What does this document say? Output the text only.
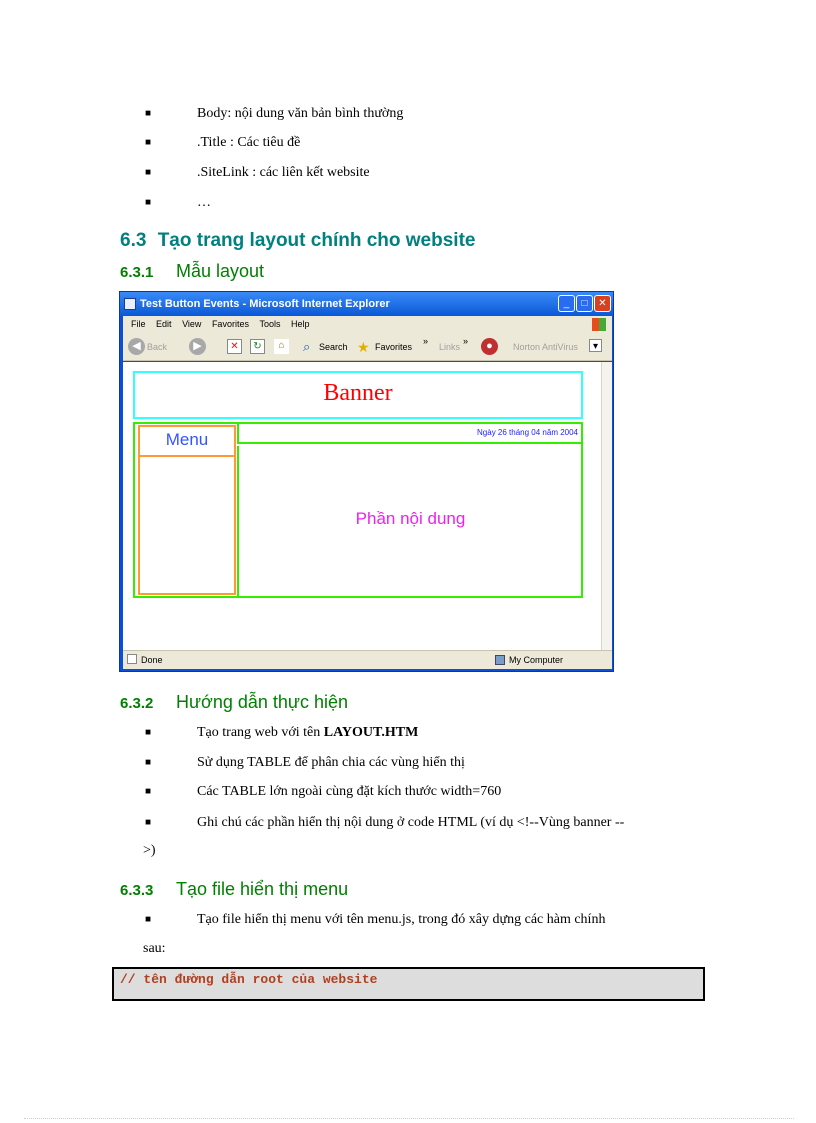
■	Body: nội dung văn bản bình thường
■	.Title : Các tiêu đề
■	.SiteLink : các liên kết website
■	…
6.3 Tạo trang layout chính cho website
6.3.1 Mẫu layout
Test Button Events - Microsoft Internet Explorer	_	□	✕
File Edit View Favorites Tools Help
◀ Back	▶	✕	↻	⌂	⌕ Search ★ Favorites
»
Links
»	●	Norton AntiVirus	▾
Banner
Menu	Ngày 26 tháng 04 năm 2004
Phần nội dung
Done	My Computer
6.3.2 Hướng dẫn thực hiện
■	Tạo trang web với tên LAYOUT.HTM
■	Sử dụng TABLE để phân chia các vùng hiển thị
■	Các TABLE lớn ngoài cùng đặt kích thước width=760
■	Ghi chú các phần hiển thị nội dung ở code HTML (ví dụ <!--Vùng banner --
>)
6.3.3 Tạo file hiển thị menu
■	Tạo file hiển thị menu với tên menu.js, trong đó xây dựng các hàm chính
sau:
// tên đường dẫn root của website
